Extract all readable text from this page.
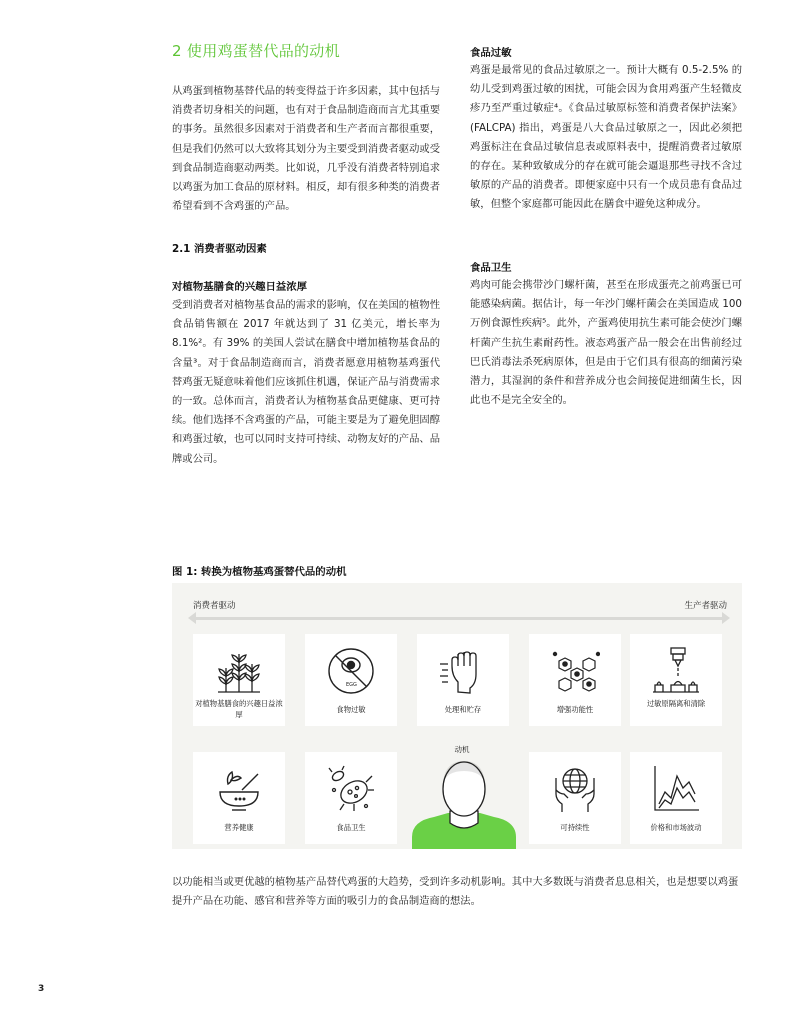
2 使用鸡蛋替代品的动机
从鸡蛋到植物基替代品的转变得益于许多因素，其中包括与消费者切身相关的问题，也有对于食品制造商而言尤其重要的事务。虽然很多因素对于消费者和生产者而言都很重要，但是我们仍然可以大致将其划分为主要受到消费者驱动或受到食品制造商驱动两类。比如说，几乎没有消费者特别追求以鸡蛋为加工食品的原材料。相反，却有很多种类的消费者希望看到不含鸡蛋的产品。
2.1 消费者驱动因素
对植物基膳食的兴趣日益浓厚
受到消费者对植物基食品的需求的影响，仅在美国的植物性食品销售额在 2017 年就达到了 31 亿美元，增长率为 8.1%²。有 39% 的美国人尝试在膳食中增加植物基食品的含量³。对于食品制造商而言，消费者愿意用植物基鸡蛋代替鸡蛋无疑意味着他们应该抓住机遇，保证产品与消费需求的一致。总体而言，消费者认为植物基食品更健康、更可持续。他们选择不含鸡蛋的产品，可能主要是为了避免胆固醇和鸡蛋过敏，也可以同时支持可持续、动物友好的产品、品牌或公司。
食品过敏
鸡蛋是最常见的食品过敏原之一。预计大概有 0.5-2.5% 的幼儿受到鸡蛋过敏的困扰，可能会因为食用鸡蛋产生轻微皮疹乃至严重过敏症⁴。《食品过敏原标签和消费者保护法案》(FALCPA) 指出，鸡蛋是八大食品过敏原之一，因此必须把鸡蛋标注在食品过敏信息表或原料表中，提醒消费者过敏原的存在。某种致敏成分的存在就可能会逼退那些寻找不含过敏原的产品的消费者。即便家庭中只有一个成员患有食品过敏，但整个家庭都可能因此在膳食中避免这种成分。
食品卫生
鸡肉可能会携带沙门螺杆菌，甚至在形成蛋壳之前鸡蛋已可能感染病菌。据估计，每一年沙门螺杆菌会在美国造成 100 万例食源性疾病⁵。此外，产蛋鸡使用抗生素可能会使沙门螺杆菌产生抗生素耐药性。液态鸡蛋产品一般会在出售前经过巴氏消毒法杀死病原体，但是由于它们具有很高的细菌污染潜力，其湿润的条件和营养成分也会间接促进细菌生长，因此也不是完全安全的。
图 1: 转换为植物基鸡蛋替代品的动机
消费者驱动	生产者驱动
对植物基膳食的兴趣日益浓厚
EGG
食物过敏	处理和贮存	增强功能性
过敏原隔离和清除
营养健康	食品卫生
动机
可持续性	价格和市场波动
以功能相当或更优越的植物基产品替代鸡蛋的大趋势，受到许多动机影响。其中大多数既与消费者息息相关，也是想要以鸡蛋提升产品在功能、感官和营养等方面的吸引力的食品制造商的想法。
3
